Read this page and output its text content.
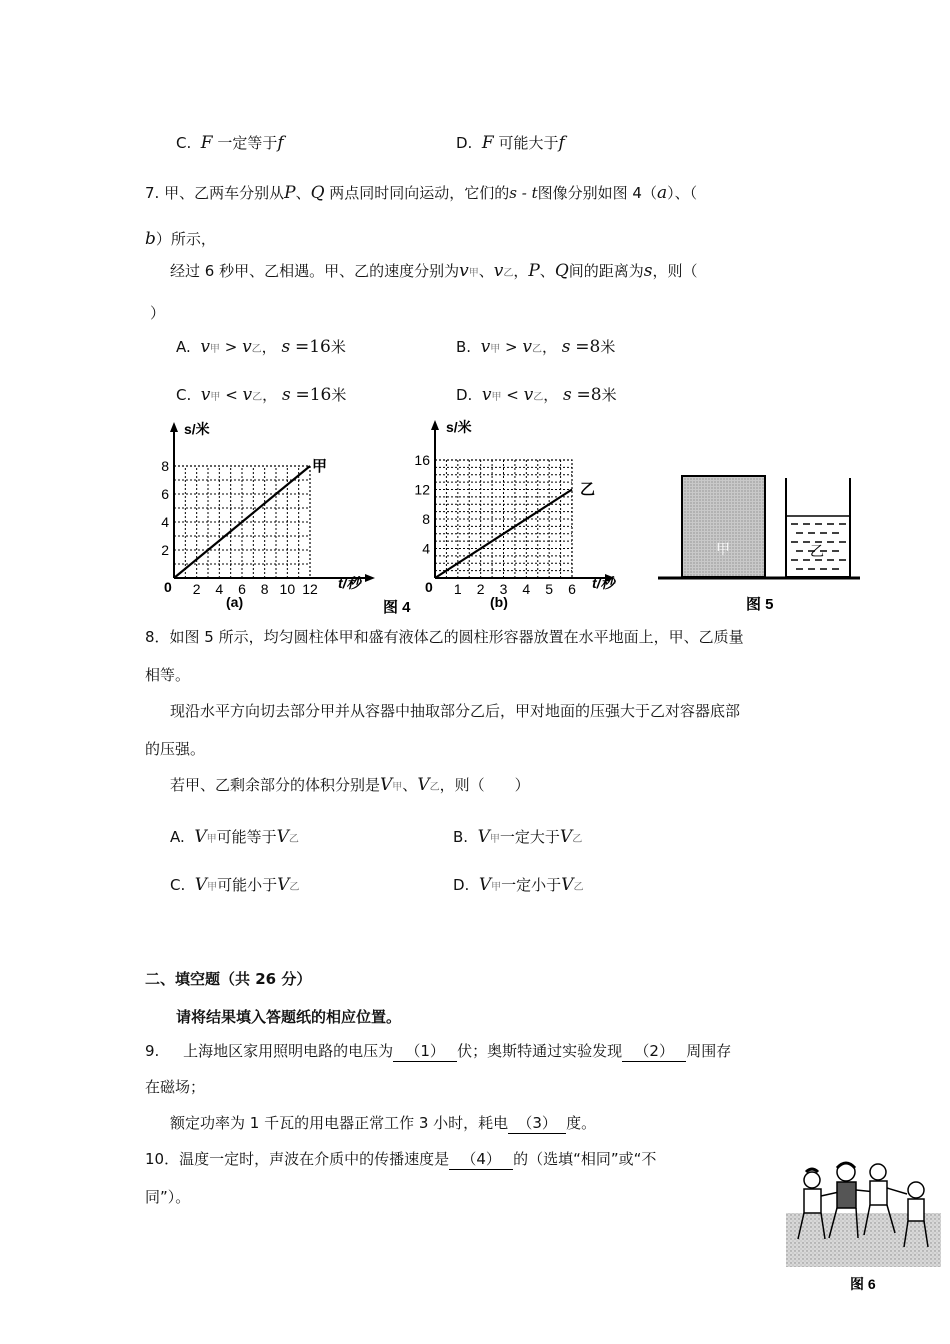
C. F 一定等于f	D. F 可能大于f
7. 甲、乙两车分别从P、Q 两点同时同向运动，它们的s - t图像分别如图 4（a）、（
b）所示，
经过 6 秒甲、乙相遇。甲、乙的速度分别为v甲、v乙，P、Q间的距离为s，则（
）
A. v甲 > v乙， s =16米	B. v甲 > v乙， s =8米
C. v甲 < v乙， s =16米	D. v甲 < v乙， s =8米
0 2 4 6 8 10 12
2
4
6
8
s/米
t/秒
甲
(a)	图 4
0 1 2 3 4 5 6
4
8
12
16
s/米
t/秒
乙
(b)
甲	乙
图 5
8．如图 5 所示，均匀圆柱体甲和盛有液体乙的圆柱形容器放置在水平地面上，甲、乙质量
相等。
现沿水平方向切去部分甲并从容器中抽取部分乙后，甲对地面的压强大于乙对容器底部
的压强。
若甲、乙剩余部分的体积分别是V甲、V乙，则（　　）
A. V甲可能等于V乙	B. V甲一定大于V乙
C. V甲可能小于V乙	D. V甲一定小于V乙
二、填空题（共 26 分）
请将结果填入答题纸的相应位置。
9. 上海地区家用照明电路的电压为 （1） 伏；奥斯特通过实验发现 （2） 周围存
在磁场；
额定功率为 1 千瓦的用电器正常工作 3 小时，耗电 （3） 度。
10．温度一定时，声波在介质中的传播速度是 （4） 的（选填“相同”或“不
同”）。
图 6
